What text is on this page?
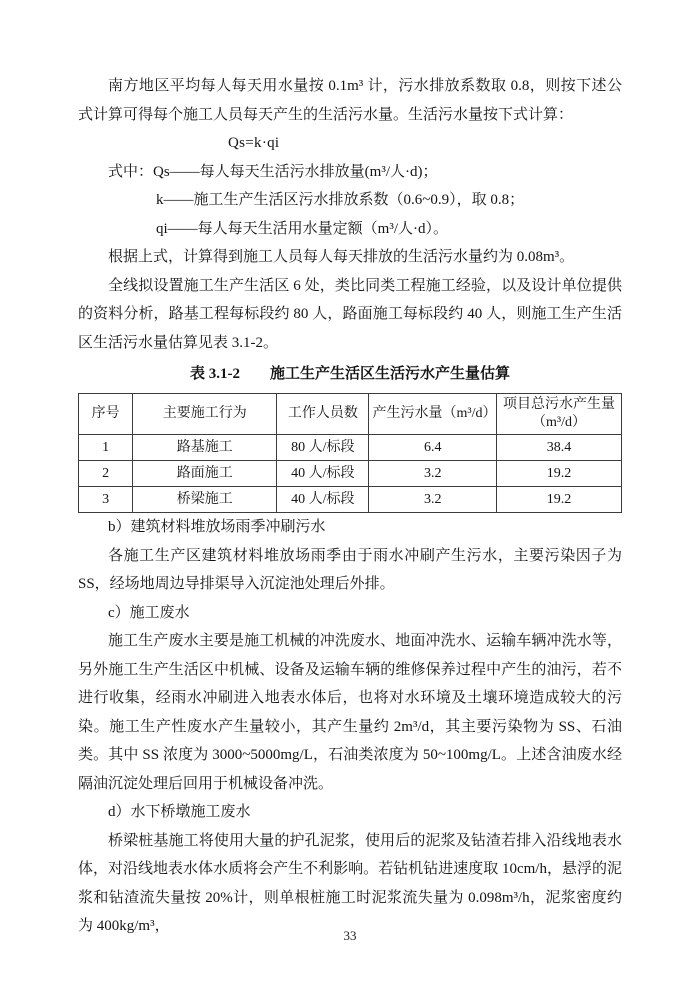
南方地区平均每人每天用水量按 0.1m³ 计，污水排放系数取 0.8，则按下述公式计算可得每个施工人员每天产生的生活污水量。生活污水量按下式计算：

Qs=k·qi
式中：Qs——每人每天生活污水排放量(m³/人·d)；
k——施工生产生活区污水排放系数（0.6~0.9），取 0.8；
qi——每人每天生活用水量定额（m³/人·d）。

根据上式，计算得到施工人员每人每天排放的生活污水量约为 0.08m³。

全线拟设置施工生产生活区 6 处，类比同类工程施工经验，以及设计单位提供的资料分析，路基工程每标段约 80 人，路面施工每标段约 40 人，则施工生产生活区生活污水量估算见表 3.1-2。

表 3.1-2 施工生产生活区生活污水产生量估算
序号	主要施工行为	工作人员数	产生污水量（m³/d）	项目总污水产生量（m³/d）
1	路基施工	80 人/标段	6.4	38.4
2	路面施工	40 人/标段	3.2	19.2
3	桥梁施工	40 人/标段	3.2	19.2

b）建筑材料堆放场雨季冲刷污水

各施工生产区建筑材料堆放场雨季由于雨水冲刷产生污水，主要污染因子为 SS，经场地周边导排渠导入沉淀池处理后外排。

c）施工废水

施工生产废水主要是施工机械的冲洗废水、地面冲洗水、运输车辆冲洗水等，另外施工生产生活区中机械、设备及运输车辆的维修保养过程中产生的油污，若不进行收集，经雨水冲刷进入地表水体后，也将对水环境及土壤环境造成较大的污染。施工生产性废水产生量较小，其产生量约 2m³/d，其主要污染物为 SS、石油类。其中 SS 浓度为 3000~5000mg/L，石油类浓度为 50~100mg/L。上述含油废水经隔油沉淀处理后回用于机械设备冲洗。

d）水下桥墩施工废水

桥梁桩基施工将使用大量的护孔泥浆，使用后的泥浆及钻渣若排入沿线地表水体，对沿线地表水体水质将会产生不利影响。若钻机钻进速度取 10cm/h，悬浮的泥浆和钻渣流失量按 20%计，则单根桩施工时泥浆流失量为 0.098m³/h，泥浆密度约为 400kg/m³，

33
